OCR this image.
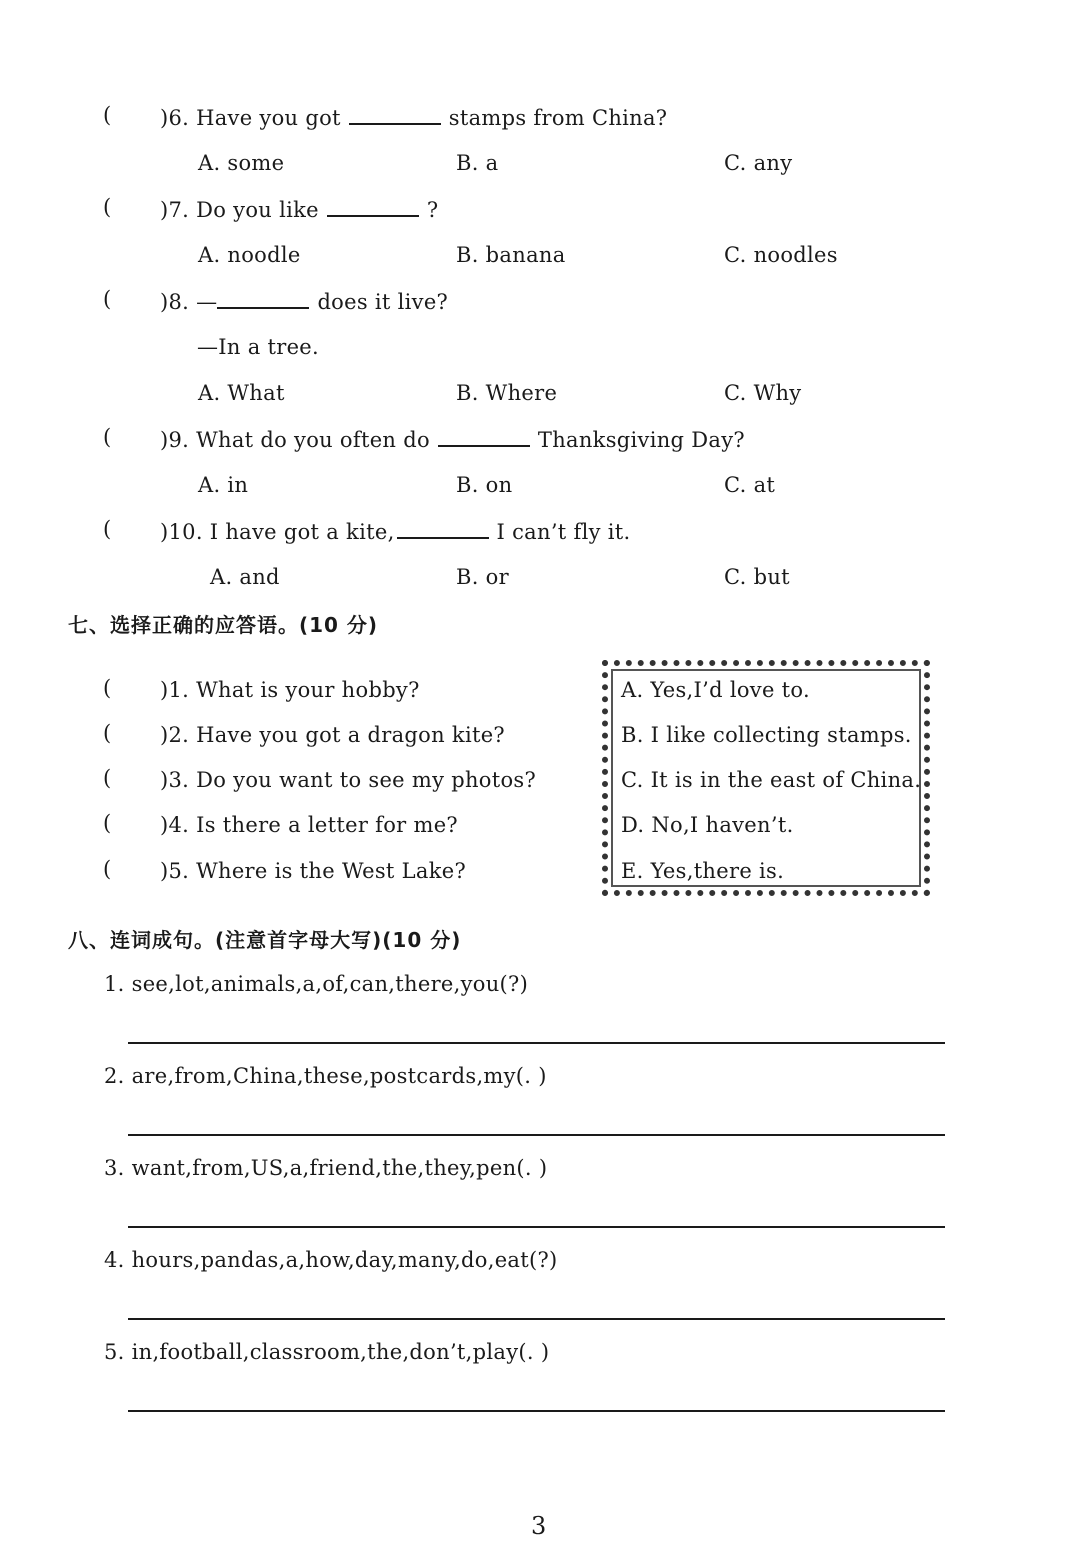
( )6. Have you got	stamps from China?
A. some	B. a	C. any
( )7. Do you like	?
A. noodle	B. banana	C. noodles
( )8. —	does it live?
—In a tree.
A. What	B. Where	C. Why
( )9. What do you often do	Thanksgiving Day?
A. in	B. on	C. at
( )10. I have got a kite,	I can’t fly it.
A. and	B. or	C. but
七、选择正确的应答语。(10 分)
( )1. What is your hobby?
( )2. Have you got a dragon kite?
( )3. Do you want to see my photos?
( )4. Is there a letter for me?
( )5. Where is the West Lake?
A. Yes,I’d love to.
B. I like collecting stamps.
C. It is in the east of China.
D. No,I haven’t.
E. Yes,there is.
八、连词成句。(注意首字母大写)(10 分)
1. see,lot,animals,a,of,can,there,you(?)
2. are,from,China,these,postcards,my(. )
3. want,from,US,a,friend,the,they,pen(. )
4. hours,pandas,a,how,day,many,do,eat(?)
5. in,football,classroom,the,don’t,play(. )
3
